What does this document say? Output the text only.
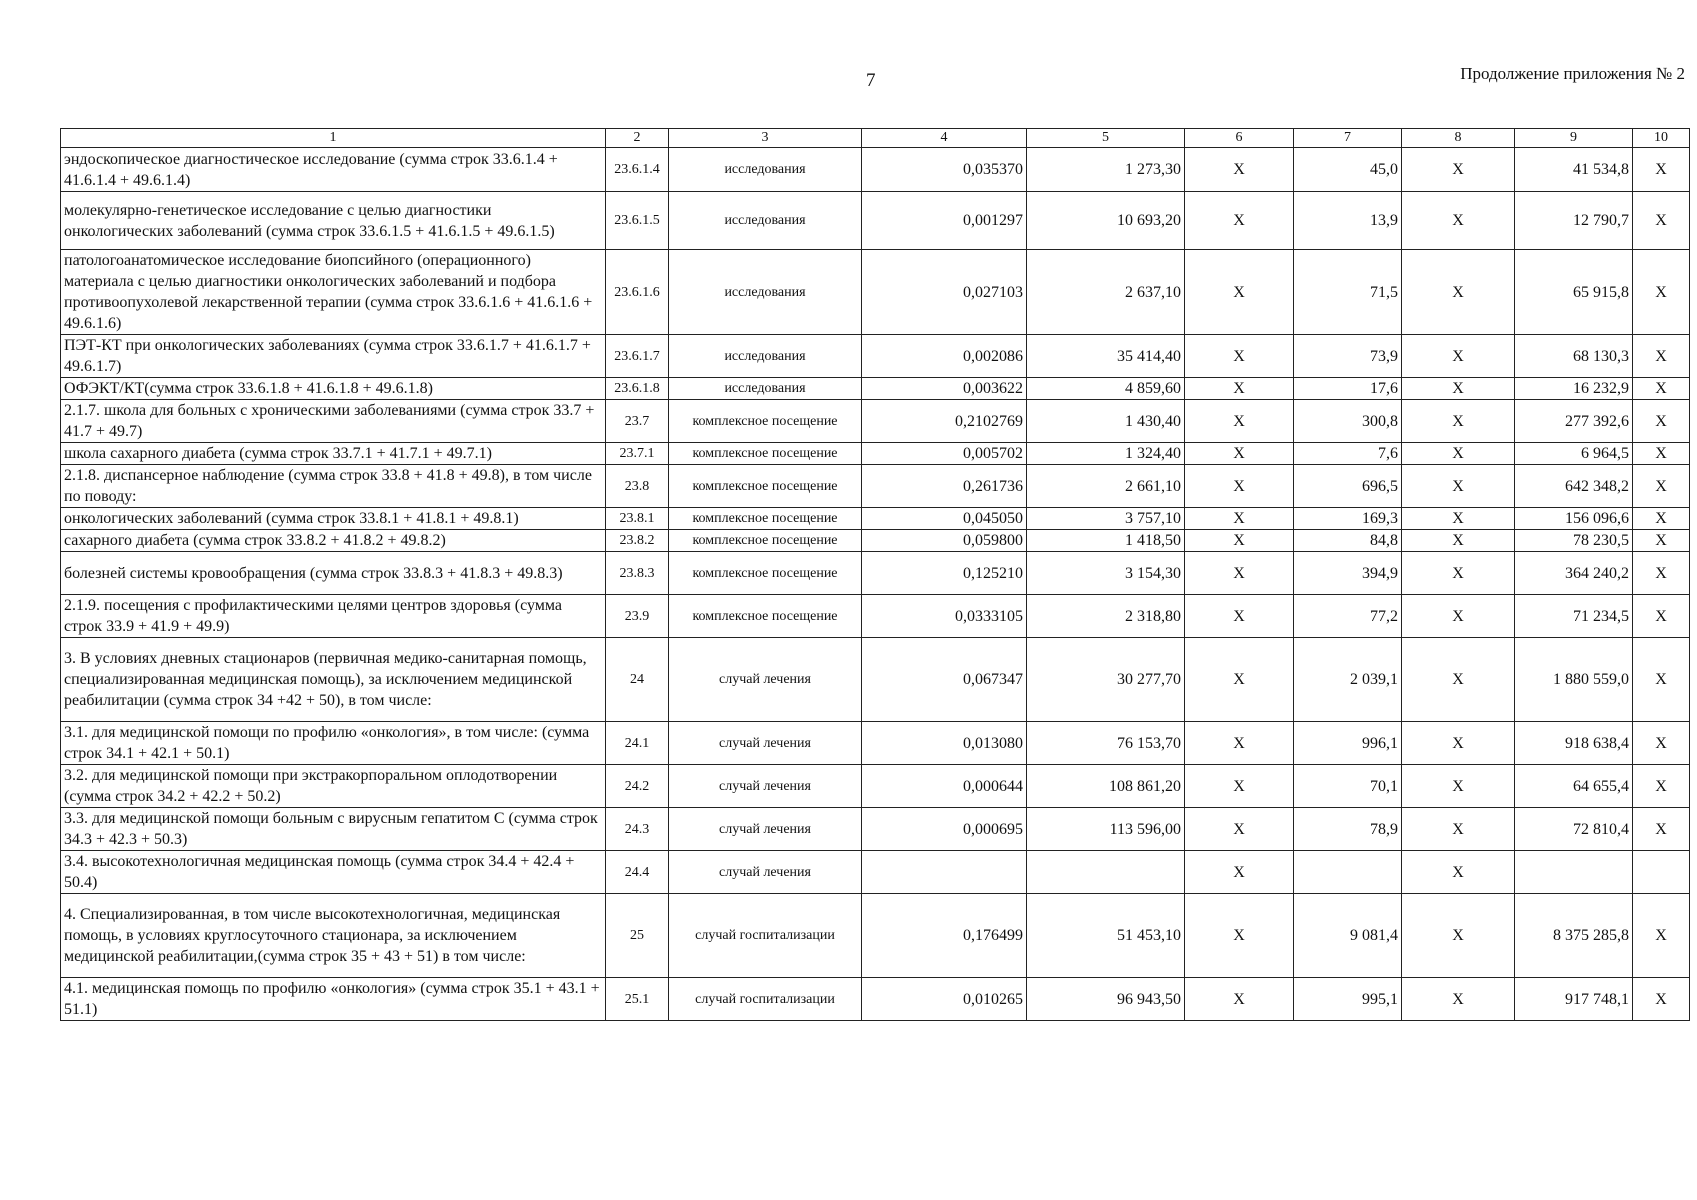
7	Продолжение приложения № 2
1	2	3	4	5	6	7	8	9	10
эндоскопическое диагностическое исследование (сумма строк 33.6.1.4 + 41.6.1.4 + 49.6.1.4)	23.6.1.4	исследования	0,035370	1 273,30	X	45,0	X	41 534,8	X
молекулярно-генетическое исследование с целью диагностики онкологических заболеваний (сумма строк 33.6.1.5 + 41.6.1.5 + 49.6.1.5)	23.6.1.5	исследования	0,001297	10 693,20	X	13,9	X	12 790,7	X
патологоанатомическое исследование биопсийного (операционного) материала с целью диагностики онкологических заболеваний и подбора противоопухолевой лекарственной терапии (сумма строк 33.6.1.6 + 41.6.1.6 + 49.6.1.6)	23.6.1.6	исследования	0,027103	2 637,10	X	71,5	X	65 915,8	X
ПЭТ-КТ при онкологических заболеваниях (сумма строк 33.6.1.7 + 41.6.1.7 + 49.6.1.7)	23.6.1.7	исследования	0,002086	35 414,40	X	73,9	X	68 130,3	X
ОФЭКТ/КТ(сумма строк 33.6.1.8 + 41.6.1.8 + 49.6.1.8)	23.6.1.8	исследования	0,003622	4 859,60	X	17,6	X	16 232,9	X
2.1.7. школа для больных с хроническими заболеваниями (сумма строк 33.7 + 41.7 + 49.7)	23.7	комплексное посещение	0,2102769	1 430,40	X	300,8	X	277 392,6	X
школа сахарного диабета (сумма строк 33.7.1 + 41.7.1 + 49.7.1)	23.7.1	комплексное посещение	0,005702	1 324,40	X	7,6	X	6 964,5	X
2.1.8. диспансерное наблюдение (сумма строк 33.8 + 41.8 + 49.8), в том числе по поводу:	23.8	комплексное посещение	0,261736	2 661,10	X	696,5	X	642 348,2	X
онкологических заболеваний (сумма строк 33.8.1 + 41.8.1 + 49.8.1)	23.8.1	комплексное посещение	0,045050	3 757,10	X	169,3	X	156 096,6	X
сахарного диабета (сумма строк 33.8.2 + 41.8.2 + 49.8.2)	23.8.2	комплексное посещение	0,059800	1 418,50	X	84,8	X	78 230,5	X
болезней системы кровообращения (сумма строк 33.8.3 + 41.8.3 + 49.8.3)	23.8.3	комплексное посещение	0,125210	3 154,30	X	394,9	X	364 240,2	X
2.1.9. посещения с профилактическими целями центров здоровья (сумма строк 33.9 + 41.9 + 49.9)	23.9	комплексное посещение	0,0333105	2 318,80	X	77,2	X	71 234,5	X
3. В условиях дневных стационаров (первичная медико-санитарная помощь, специализированная медицинская помощь), за исключением медицинской реабилитации (сумма строк 34 +42 + 50), в том числе:	24	случай лечения	0,067347	30 277,70	X	2 039,1	X	1 880 559,0	X
3.1. для медицинской помощи по профилю «онкология», в том числе: (сумма строк 34.1 + 42.1 + 50.1)	24.1	случай лечения	0,013080	76 153,70	X	996,1	X	918 638,4	X
3.2. для медицинской помощи при экстракорпоральном оплодотворении (сумма строк 34.2 + 42.2 + 50.2)	24.2	случай лечения	0,000644	108 861,20	X	70,1	X	64 655,4	X
3.3. для медицинской помощи больным с вирусным гепатитом С (сумма строк 34.3 + 42.3 + 50.3)	24.3	случай лечения	0,000695	113 596,00	X	78,9	X	72 810,4	X
3.4. высокотехнологичная медицинская помощь (сумма строк 34.4 + 42.4 + 50.4)	24.4	случай лечения			X		X		
4. Специализированная, в том числе высокотехнологичная, медицинская помощь, в условиях круглосуточного стационара, за исключением медицинской реабилитации,(сумма строк 35 + 43 + 51) в том числе:	25	случай госпитализации	0,176499	51 453,10	X	9 081,4	X	8 375 285,8	X
4.1. медицинская помощь по профилю «онкология» (сумма строк 35.1 + 43.1 + 51.1)	25.1	случай госпитализации	0,010265	96 943,50	X	995,1	X	917 748,1	X
